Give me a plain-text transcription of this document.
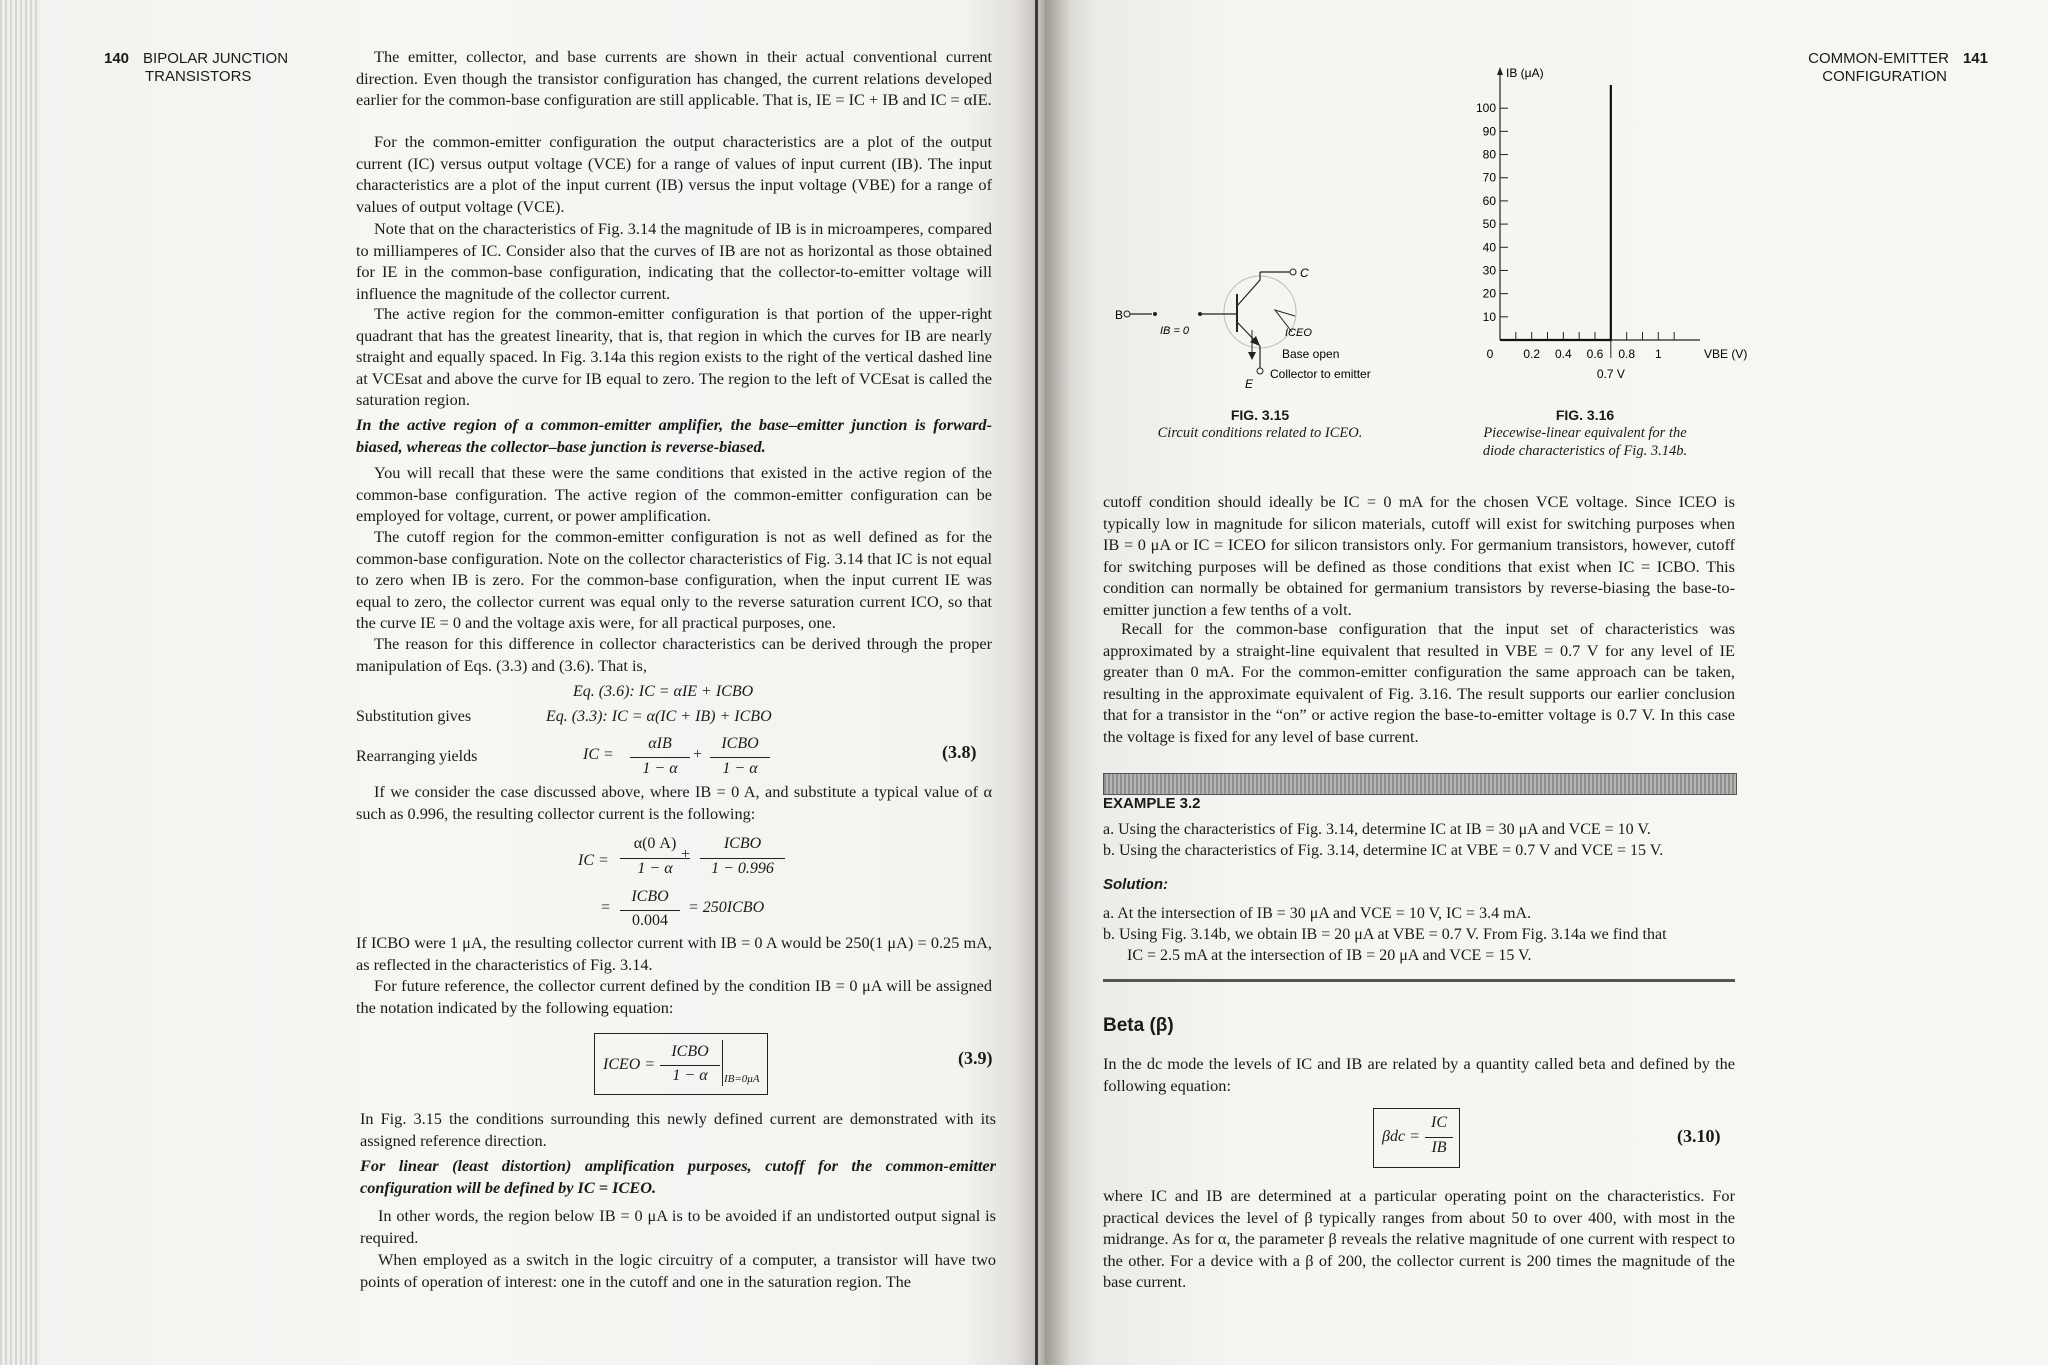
140 BIPOLAR JUNCTION
TRANSISTORS
COMMON-EMITTER 141
CONFIGURATION
The emitter, collector, and base currents are shown in their actual conventional current direction. Even though the transistor configuration has changed, the current relations developed earlier for the common-base configuration are still applicable. That is, IE = IC + IB and IC = αIE.
For the common-emitter configuration the output characteristics are a plot of the output current (IC) versus output voltage (VCE) for a range of values of input current (IB). The input characteristics are a plot of the input current (IB) versus the input voltage (VBE) for a range of values of output voltage (VCE).
Note that on the characteristics of Fig. 3.14 the magnitude of IB is in microamperes, compared to milliamperes of IC. Consider also that the curves of IB are not as horizontal as those obtained for IE in the common-base configuration, indicating that the collector-to-emitter voltage will influence the magnitude of the collector current.
The active region for the common-emitter configuration is that portion of the upper-right quadrant that has the greatest linearity, that is, that region in which the curves for IB are nearly straight and equally spaced. In Fig. 3.14a this region exists to the right of the vertical dashed line at VCEsat and above the curve for IB equal to zero. The region to the left of VCEsat is called the saturation region.
In the active region of a common-emitter amplifier, the base–emitter junction is forward-biased, whereas the collector–base junction is reverse-biased.
You will recall that these were the same conditions that existed in the active region of the common-base configuration. The active region of the common-emitter configuration can be employed for voltage, current, or power amplification.
The cutoff region for the common-emitter configuration is not as well defined as for the common-base configuration. Note on the collector characteristics of Fig. 3.14 that IC is not equal to zero when IB is zero. For the common-base configuration, when the input current IE was equal to zero, the collector current was equal only to the reverse saturation current ICO, so that the curve IE = 0 and the voltage axis were, for all practical purposes, one.
The reason for this difference in collector characteristics can be derived through the proper manipulation of Eqs. (3.3) and (3.6). That is,
Eq. (3.6): IC = αIE + ICBO
Substitution gives	Eq. (3.3): IC = α(IC + IB) + ICBO
Rearranging yields	IC =
αIB
1 − α
+
ICBO
1 − α
(3.8)
If we consider the case discussed above, where IB = 0 A, and substitute a typical value of α such as 0.996, the resulting collector current is the following:
IC =
α(0 A)
1 − α
+
ICBO
1 − 0.996
=
ICBO
0.004
= 250ICBO
If ICBO were 1 μA, the resulting collector current with IB = 0 A would be 250(1 μA) = 0.25 mA, as reflected in the characteristics of Fig. 3.14.
For future reference, the collector current defined by the condition IB = 0 μA will be assigned the notation indicated by the following equation:
ICEO =
ICBO
1 − α	IB=0μA
(3.9)
In Fig. 3.15 the conditions surrounding this newly defined current are demonstrated with its assigned reference direction.
For linear (least distortion) amplification purposes, cutoff for the common-emitter configuration will be defined by IC = ICEO.
In other words, the region below IB = 0 μA is to be avoided if an undistorted output signal is required.
When employed as a switch in the logic circuitry of a computer, a transistor will have two points of operation of interest: one in the cutoff and one in the saturation region. The
B
IB = 0
C
E
ICEO
Base open
Collector to emitter
FIG. 3.15
Circuit conditions related to ICEO.
IB (μA)
VBE (V)
10
20
30
40
50
60
70
80
90
100
0 0.2 0.4 0.6 0.8 1
0.7 V
FIG. 3.16
Piecewise-linear equivalent for the
diode characteristics of Fig. 3.14b.
cutoff condition should ideally be IC = 0 mA for the chosen VCE voltage. Since ICEO is typically low in magnitude for silicon materials, cutoff will exist for switching purposes when IB = 0 μA or IC = ICEO for silicon transistors only. For germanium transistors, however, cutoff for switching purposes will be defined as those conditions that exist when IC = ICBO. This condition can normally be obtained for germanium transistors by reverse-biasing the base-to-emitter junction a few tenths of a volt.
Recall for the common-base configuration that the input set of characteristics was approximated by a straight-line equivalent that resulted in VBE = 0.7 V for any level of IE greater than 0 mA. For the common-emitter configuration the same approach can be taken, resulting in the approximate equivalent of Fig. 3.16. The result supports our earlier conclusion that for a transistor in the “on” or active region the base-to-emitter voltage is 0.7 V. In this case the voltage is fixed for any level of base current.
EXAMPLE 3.2
a. Using the characteristics of Fig. 3.14, determine IC at IB = 30 μA and VCE = 10 V.
b. Using the characteristics of Fig. 3.14, determine IC at VBE = 0.7 V and VCE = 15 V.
Solution:
a. At the intersection of IB = 30 μA and VCE = 10 V, IC = 3.4 mA.
b. Using Fig. 3.14b, we obtain IB = 20 μA at VBE = 0.7 V. From Fig. 3.14a we find that
IC = 2.5 mA at the intersection of IB = 20 μA and VCE = 15 V.
Beta (β)
In the dc mode the levels of IC and IB are related by a quantity called beta and defined by the following equation:
βdc =
IC
IB
(3.10)
where IC and IB are determined at a particular operating point on the characteristics. For practical devices the level of β typically ranges from about 50 to over 400, with most in the midrange. As for α, the parameter β reveals the relative magnitude of one current with respect to the other. For a device with a β of 200, the collector current is 200 times the magnitude of the base current.
